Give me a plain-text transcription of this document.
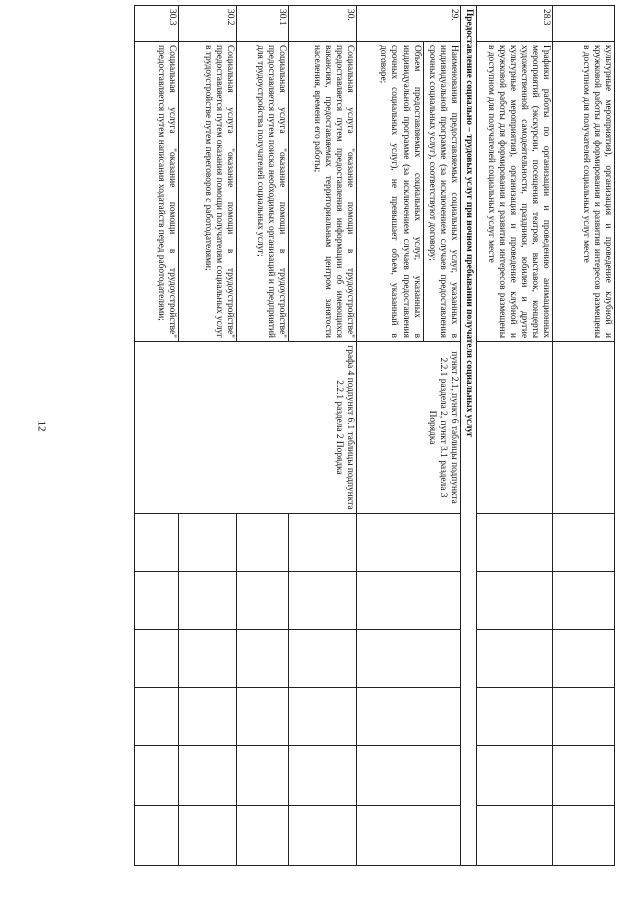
12
	культурные мероприятия), организация и проведение клубной и кружковой работы для формирования и развития интересов размещены в доступном для получателей социальных услуг месте							
28.3	Графики работы по организации и проведению анимационных мероприятий (экскурсии, посещения театров, выставок, концерты художественной самодеятельности, праздники, юбилеи и другие культурные мероприятия), организация и проведение клубной и кружковой работы для формирования и развития интересов размещены в доступном для получателей социальных услуг месте							
Предоставление социально – трудовых услуг при ночном пребывании получателя социальных услуг								
29.	Наименования предоставляемых социальных услуг, указанных в индивидуальной программе (за исключением случаев предоставления срочных социальных услуг), соответствуют договору;
Объем предоставляемых социальных услуг, указанных в индивидуальной программе (за исключением случаев предоставления срочных социальных услуг), не превышает объем, указанный в договоре;	пункт 2.1, пункт 6 таблицы подпункта 2.2.1 раздела 2, пункт 3.1 раздела 3 Порядка						
30.	Социальная услуга "оказание помощи в трудоустройстве" предоставляется путем предоставления информации об имеющихся вакансиях, предоставляемых территориальным центром занятости населения, времени его работы;	графа 4 подпункт 6.1 таблицы подпункта 2.2.1 раздела 2 Порядка						
30.1	Социальная услуга "оказание помощи в трудоустройстве" предоставляется путем поиска необходимых организаций и предприятий для трудоустройства получателей социальных услуг;							
30.2	Социальная услуга "оказание помощи в трудоустройстве" предоставляется путем оказания помощи получателям социальных услуг в трудоустройстве путем переговоров с работодателями;							
30.3	Социальная услуга "оказание помощи в трудоустройстве" предоставляется путем написания ходатайств перед работодателями;							
